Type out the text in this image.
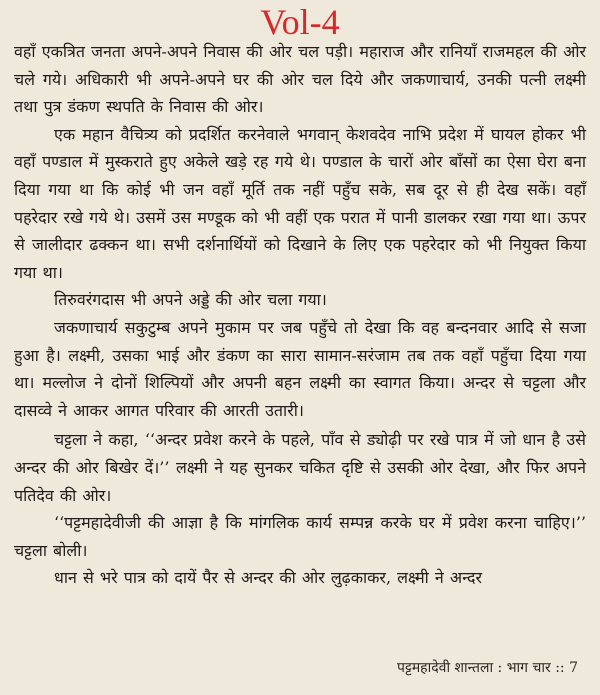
Vol-4

वहाँ एकत्रित जनता अपने-अपने निवास की ओर चल पड़ी। महाराज और रानियाँ राजमहल की ओर चले गये। अधिकारी भी अपने-अपने घर की ओर चल दिये और जकणाचार्य, उनकी पत्नी लक्ष्मी तथा पुत्र डंकण स्थपति के निवास की ओर।

एक महान वैचित्र्य को प्रदर्शित करनेवाले भगवान् केशवदेव नाभि प्रदेश में घायल होकर भी वहाँ पण्डाल में मुस्कराते हुए अकेले खड़े रह गये थे। पण्डाल के चारों ओर बाँसों का ऐसा घेरा बना दिया गया था कि कोई भी जन वहाँ मूर्ति तक नहीं पहुँच सके, सब दूर से ही देख सकें। वहाँ पहरेदार रखे गये थे। उसमें उस मण्डूक को भी वहीं एक परात में पानी डालकर रखा गया था। ऊपर से जालीदार ढक्कन था। सभी दर्शनार्थियों को दिखाने के लिए एक पहरेदार को भी नियुक्त किया गया था।

तिरुवरंगदास भी अपने अड्डे की ओर चला गया।

जकणाचार्य सकुटुम्ब अपने मुकाम पर जब पहुँचे तो देखा कि वह बन्दनवार आदि से सजा हुआ है। लक्ष्मी, उसका भाई और डंकण का सारा सामान-सरंजाम तब तक वहाँ पहुँचा दिया गया था। मल्लोज ने दोनों शिल्पियों और अपनी बहन लक्ष्मी का स्वागत किया। अन्दर से चट्टला और दासव्वे ने आकर आगत परिवार की आरती उतारी।

चट्टला ने कहा, ‘‘अन्दर प्रवेश करने के पहले, पाँव से ड्योढ़ी पर रखे पात्र में जो धान है उसे अन्दर की ओर बिखेर दें।’’ लक्ष्मी ने यह सुनकर चकित दृष्टि से उसकी ओर देखा, और फिर अपने पतिदेव की ओर।

‘‘पट्टमहादेवीजी की आज्ञा है कि मांगलिक कार्य सम्पन्न करके घर में प्रवेश करना चाहिए।’’ चट्टला बोली।

धान से भरे पात्र को दायें पैर से अन्दर की ओर लुढ़काकर, लक्ष्मी ने अन्दर

पट्टमहादेवी शान्तला : भाग चार :: 7
